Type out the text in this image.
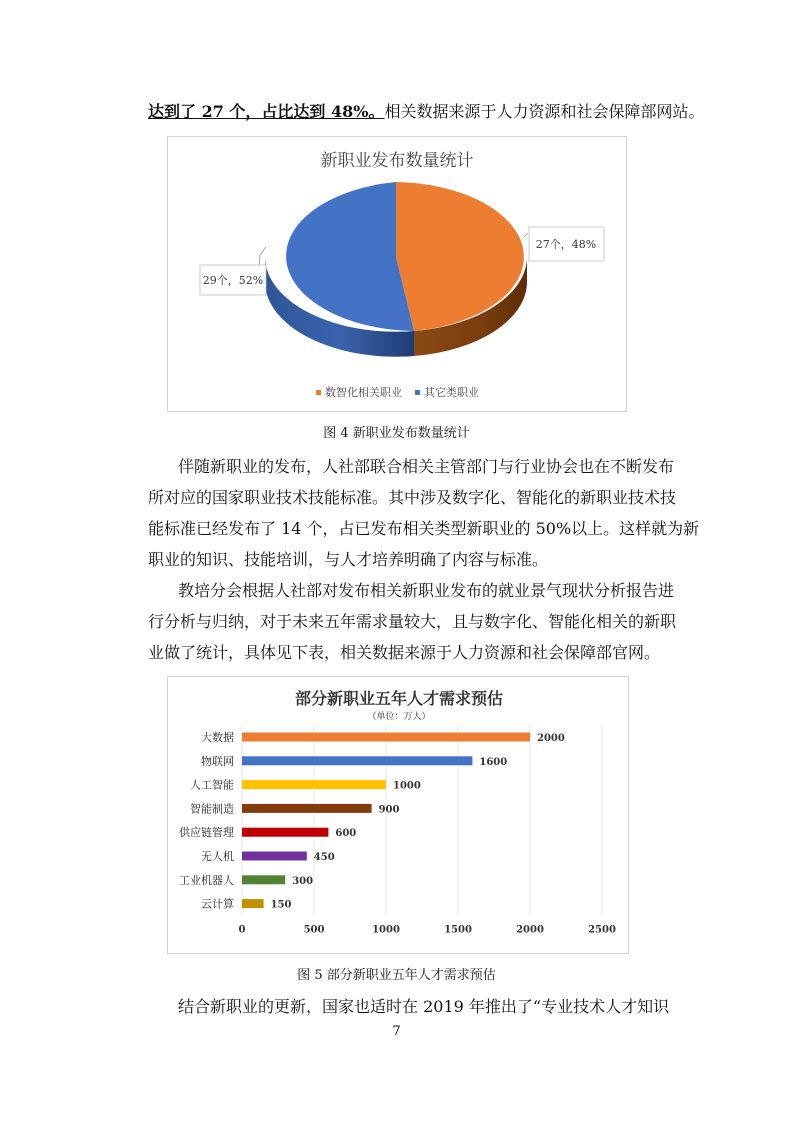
达到了 27 个，占比达到 48%。相关数据来源于人力资源和社会保障部网站。
新职业发布数量统计
27个，48%
29个，52%
数智化相关职业 其它类职业
图 4 新职业发布数量统计
伴随新职业的发布，人社部联合相关主管部门与行业协会也在不断发布
所对应的国家职业技术技能标准。其中涉及数字化、智能化的新职业技术技
能标准已经发布了 14 个，占已发布相关类型新职业的 50%以上。这样就为新
职业的知识、技能培训，与人才培养明确了内容与标准。
教培分会根据人社部对发布相关新职业发布的就业景气现状分析报告进
行分析与归纳，对于未来五年需求量较大，且与数字化、智能化相关的新职
业做了统计，具体见下表，相关数据来源于人力资源和社会保障部官网。
部分新职业五年人才需求预估
（单位：万人）
大数据	2000
物联网	1600
人工智能	1000
智能制造	900
供应链管理	600
无人机	450
工业机器人	300
云计算	150
0	500	1000	1500	2000	2500
图 5 部分新职业五年人才需求预估
结合新职业的更新，国家也适时在 2019 年推出了“专业技术人才知识
7
